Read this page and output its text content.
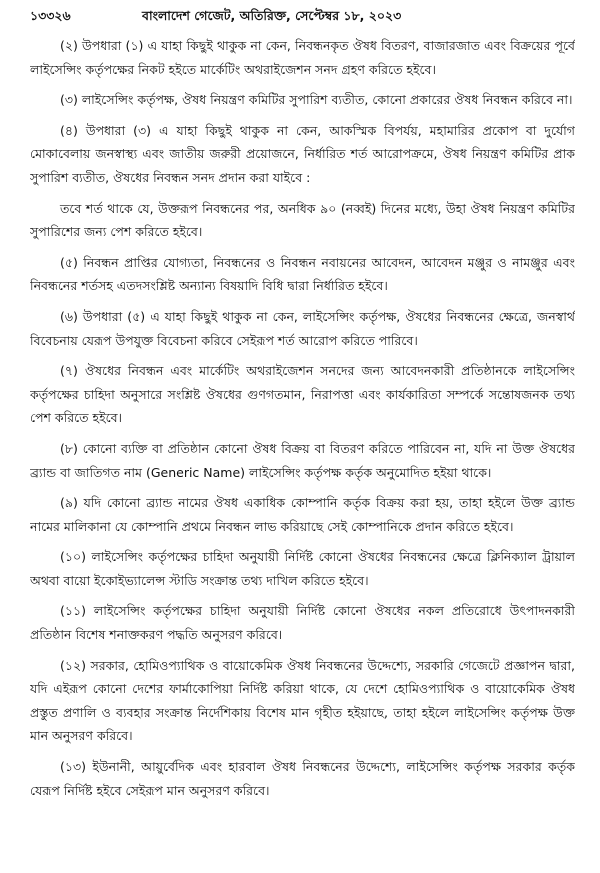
১৩৩২৬	বাংলাদেশ গেজেট, অতিরিক্ত, সেপ্টেম্বর ১৮, ২০২৩

(২) উপধারা (১) এ যাহা কিছুই থাকুক না কেন, নিবন্ধনকৃত ঔষধ বিতরণ, বাজারজাত এবং বিক্রয়ের পূর্বে লাইসেন্সিং কর্তৃপক্ষের নিকট হইতে মার্কেটিং অথরাইজেশন সনদ গ্রহণ করিতে হইবে।

(৩) লাইসেন্সিং কর্তৃপক্ষ, ঔষধ নিয়ন্ত্রণ কমিটির সুপারিশ ব্যতীত, কোনো প্রকারের ঔষধ নিবন্ধন করিবে না।

(৪) উপধারা (৩) এ যাহা কিছুই থাকুক না কেন, আকস্মিক বিপর্যয়, মহামারির প্রকোপ বা দুর্যোগ মোকাবেলায় জনস্বাস্থ্য এবং জাতীয় জরুরী প্রয়োজনে, নির্ধারিত শর্ত আরোপক্রমে, ঔষধ নিয়ন্ত্রণ কমিটির প্রাক সুপারিশ ব্যতীত, ঔষধের নিবন্ধন সনদ প্রদান করা যাইবে :

তবে শর্ত থাকে যে, উক্তরূপ নিবন্ধনের পর, অনধিক ৯০ (নব্বই) দিনের মধ্যে, উহা ঔষধ নিয়ন্ত্রণ কমিটির সুপারিশের জন্য পেশ করিতে হইবে।

(৫) নিবন্ধন প্রাপ্তির যোগ্যতা, নিবন্ধনের ও নিবন্ধন নবায়নের আবেদন, আবেদন মঞ্জুর ও নামঞ্জুর এবং নিবন্ধনের শর্তসহ এতদসংশ্লিষ্ট অন্যান্য বিষয়াদি বিধি দ্বারা নির্ধারিত হইবে।

(৬) উপধারা (৫) এ যাহা কিছুই থাকুক না কেন, লাইসেন্সিং কর্তৃপক্ষ, ঔষধের নিবন্ধনের ক্ষেত্রে, জনস্বার্থ বিবেচনায় যেরূপ উপযুক্ত বিবেচনা করিবে সেইরূপ শর্ত আরোপ করিতে পারিবে।

(৭) ঔষধের নিবন্ধন এবং মার্কেটিং অথরাইজেশন সনদের জন্য আবেদনকারী প্রতিষ্ঠানকে লাইসেন্সিং কর্তৃপক্ষের চাহিদা অনুসারে সংশ্লিষ্ট ঔষধের গুণগতমান, নিরাপত্তা এবং কার্যকারিতা সম্পর্কে সন্তোষজনক তথ্য পেশ করিতে হইবে।

(৮) কোনো ব্যক্তি বা প্রতিষ্ঠান কোনো ঔষধ বিক্রয় বা বিতরণ করিতে পারিবেন না, যদি না উক্ত ঔষধের ব্র্যান্ড বা জাতিগত নাম (Generic Name) লাইসেন্সিং কর্তৃপক্ষ কর্তৃক অনুমোদিত হইয়া থাকে।

(৯) যদি কোনো ব্র্যান্ড নামের ঔষধ একাধিক কোম্পানি কর্তৃক বিক্রয় করা হয়, তাহা হইলে উক্ত ব্র্যান্ড নামের মালিকানা যে কোম্পানি প্রথমে নিবন্ধন লাভ করিয়াছে সেই কোম্পানিকে প্রদান করিতে হইবে।

(১০) লাইসেন্সিং কর্তৃপক্ষের চাহিদা অনুযায়ী নির্দিষ্ট কোনো ঔষধের নিবন্ধনের ক্ষেত্রে ক্লিনিক্যাল ট্রায়াল অথবা বায়ো ইকোইভ্যালেন্স স্টাডি সংক্রান্ত তথ্য দাখিল করিতে হইবে।

(১১) লাইসেন্সিং কর্তৃপক্ষের চাহিদা অনুযায়ী নির্দিষ্ট কোনো ঔষধের নকল প্রতিরোধে উৎপাদনকারী প্রতিষ্ঠান বিশেষ শনাক্তকরণ পদ্ধতি অনুসরণ করিবে।

(১২) সরকার, হোমিওপ্যাথিক ও বায়োকেমিক ঔষধ নিবন্ধনের উদ্দেশ্যে, সরকারি গেজেটে প্রজ্ঞাপন দ্বারা, যদি এইরূপ কোনো দেশের ফার্মাকোপিয়া নির্দিষ্ট করিয়া থাকে, যে দেশে হোমিওপ্যাথিক ও বায়োকেমিক ঔষধ প্রস্তুত প্রণালি ও ব্যবহার সংক্রান্ত নির্দেশিকায় বিশেষ মান গৃহীত হইয়াছে, তাহা হইলে লাইসেন্সিং কর্তৃপক্ষ উক্ত মান অনুসরণ করিবে।

(১৩) ইউনানী, আয়ুর্বেদিক এবং হারবাল ঔষধ নিবন্ধনের উদ্দেশ্যে, লাইসেন্সিং কর্তৃপক্ষ সরকার কর্তৃক যেরূপ নির্দিষ্ট হইবে সেইরূপ মান অনুসরণ করিবে।
